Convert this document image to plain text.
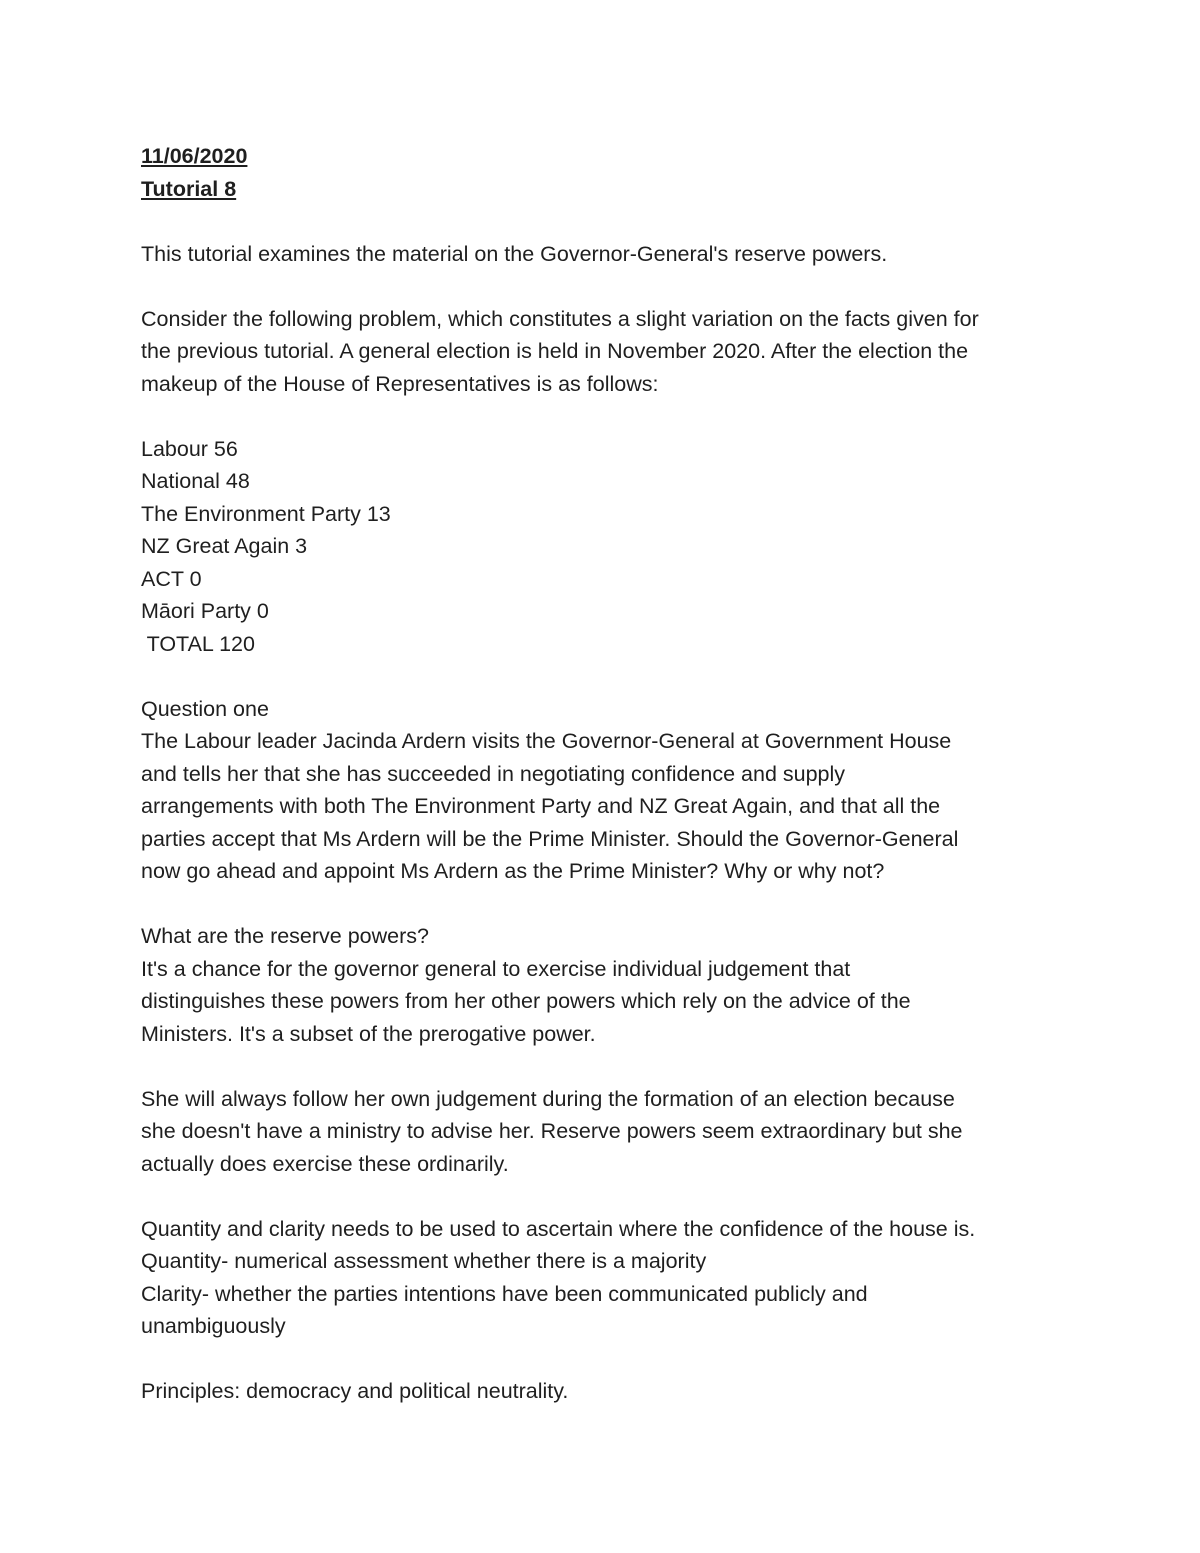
11/06/2020
Tutorial 8
This tutorial examines the material on the Governor-General's reserve powers.
Consider the following problem, which constitutes a slight variation on the facts given for
the previous tutorial. A general election is held in November 2020. After the election the
makeup of the House of Representatives is as follows:
Labour 56
National 48
The Environment Party 13
NZ Great Again 3
ACT 0
Māori Party 0
TOTAL 120
Question one
The Labour leader Jacinda Ardern visits the Governor-General at Government House
and tells her that she has succeeded in negotiating confidence and supply
arrangements with both The Environment Party and NZ Great Again, and that all the
parties accept that Ms Ardern will be the Prime Minister. Should the Governor-General
now go ahead and appoint Ms Ardern as the Prime Minister? Why or why not?
What are the reserve powers?
It's a chance for the governor general to exercise individual judgement that
distinguishes these powers from her other powers which rely on the advice of the
Ministers. It's a subset of the prerogative power.
She will always follow her own judgement during the formation of an election because
she doesn't have a ministry to advise her. Reserve powers seem extraordinary but she
actually does exercise these ordinarily.
Quantity and clarity needs to be used to ascertain where the confidence of the house is.
Quantity- numerical assessment whether there is a majority
Clarity- whether the parties intentions have been communicated publicly and
unambiguously
Principles: democracy and political neutrality.
